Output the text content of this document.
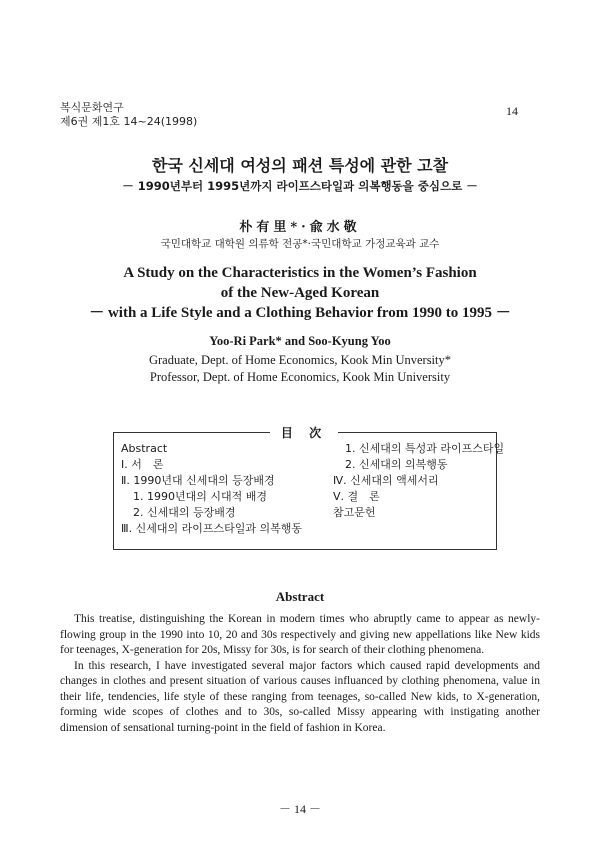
복식문화연구
제6권 제1호 14~24(1998)
14
한국 신세대 여성의 패션 특성에 관한 고찰
－ 1990년부터 1995년까지 라이프스타일과 의복행동을 중심으로 －
朴有里*·兪水敬
국민대학교 대학원 의류학 전공*·국민대학교 가정교육과 교수
A Study on the Characteristics in the Women’s Fashion
of the New-Aged Korean
－ with a Life Style and a Clothing Behavior from 1990 to 1995 －
Yoo-Ri Park* and Soo-Kyung Yoo
Graduate, Dept. of Home Economics, Kook Min Unversity*
Professor, Dept. of Home Economics, Kook Min University
目 次
Abstract
Ⅰ. 서　론
Ⅱ. 1990년대 신세대의 등장배경
1. 1990년대의 시대적 배경
2. 신세대의 등장배경
Ⅲ. 신세대의 라이프스타일과 의복행동
1. 신세대의 특성과 라이프스타일
2. 신세대의 의복행동
Ⅳ. 신세대의 액세서리
Ⅴ. 결　론
참고문헌
Abstract

This treatise, distinguishing the Korean in modern times who abruptly came to appear as newly-flowing group in the 1990 into 10, 20 and 30s respectively and giving new appellations like New kids for teenages, X-generation for 20s, Missy for 30s, is for search of their clothing phenomena.

In this research, I have investigated several major factors which caused rapid developments and changes in clothes and present situation of various causes influanced by clothing phenomena, value in their life, tendencies, life style of these ranging from teenages, so-called New kids, to X-generation, forming wide scopes of clothes and to 30s, so-called Missy appearing with instigating another dimension of sensational turning-point in the field of fashion in Korea.

－ 14 －
